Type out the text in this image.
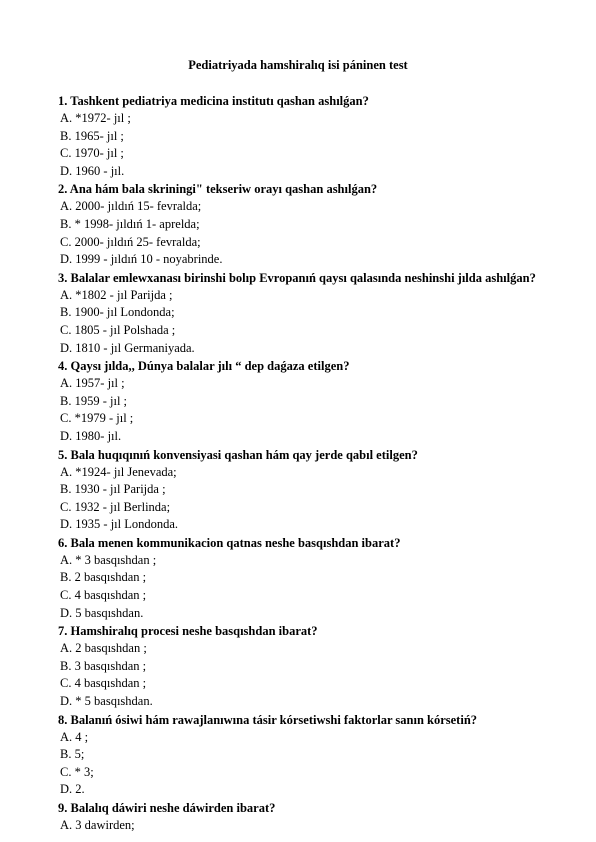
Pediatriyada hamshiralıq isi páninen test
1. Tashkent pediatriya medicina institutı qashan ashılǵan?
A. *1972- jıl ;
B. 1965- jıl ;
C. 1970- jıl ;
D. 1960 - jıl.
2. Ana hám bala skriningi" tekseriw orayı qashan ashılǵan?
A. 2000- jıldıń 15- fevralda;
B. * 1998- jıldıń 1- aprelda;
C. 2000- jıldıń 25- fevralda;
D. 1999 - jıldıń 10 - noyabrinde.
3. Balalar emlewxanası birinshi bolıp Evropanıń qaysı qalasında neshinshi jılda ashılǵan?
A. *1802 - jıl Parijda ;
B. 1900- jıl Londonda;
C. 1805 - jıl Polshada ;
D. 1810 - jıl Germaniyada.
4. Qaysı jılda,, Dúnya balalar jılı “ dep daǵaza etilgen?
A. 1957- jıl ;
B. 1959 - jıl ;
C. *1979 - jıl ;
D. 1980- jıl.
5. Bala huqıqınıń konvensiyasi qashan hám qay jerde qabıl etilgen?
A. *1924- jıl Jenevada;
B. 1930 - jıl Parijda ;
C. 1932 - jıl Berlinda;
D. 1935 - jıl Londonda.
6. Bala menen kommunikacion qatnas neshe basqıshdan ibarat?
A. * 3 basqıshdan ;
B. 2 basqıshdan ;
C. 4 basqıshdan ;
D. 5 basqıshdan.
7. Hamshiralıq procesi neshe basqıshdan ibarat?
A. 2 basqıshdan ;
B. 3 basqıshdan ;
C. 4 basqıshdan ;
D. * 5 basqıshdan.
8. Balanıń ósiwi hám rawajlanıwına tásir kórsetiwshi faktorlar sanın kórsetiń?
A. 4 ;
B. 5;
C. * 3;
D. 2.
9. Balalıq dáwiri neshe dáwirden ibarat?
A. 3 dawirden;
